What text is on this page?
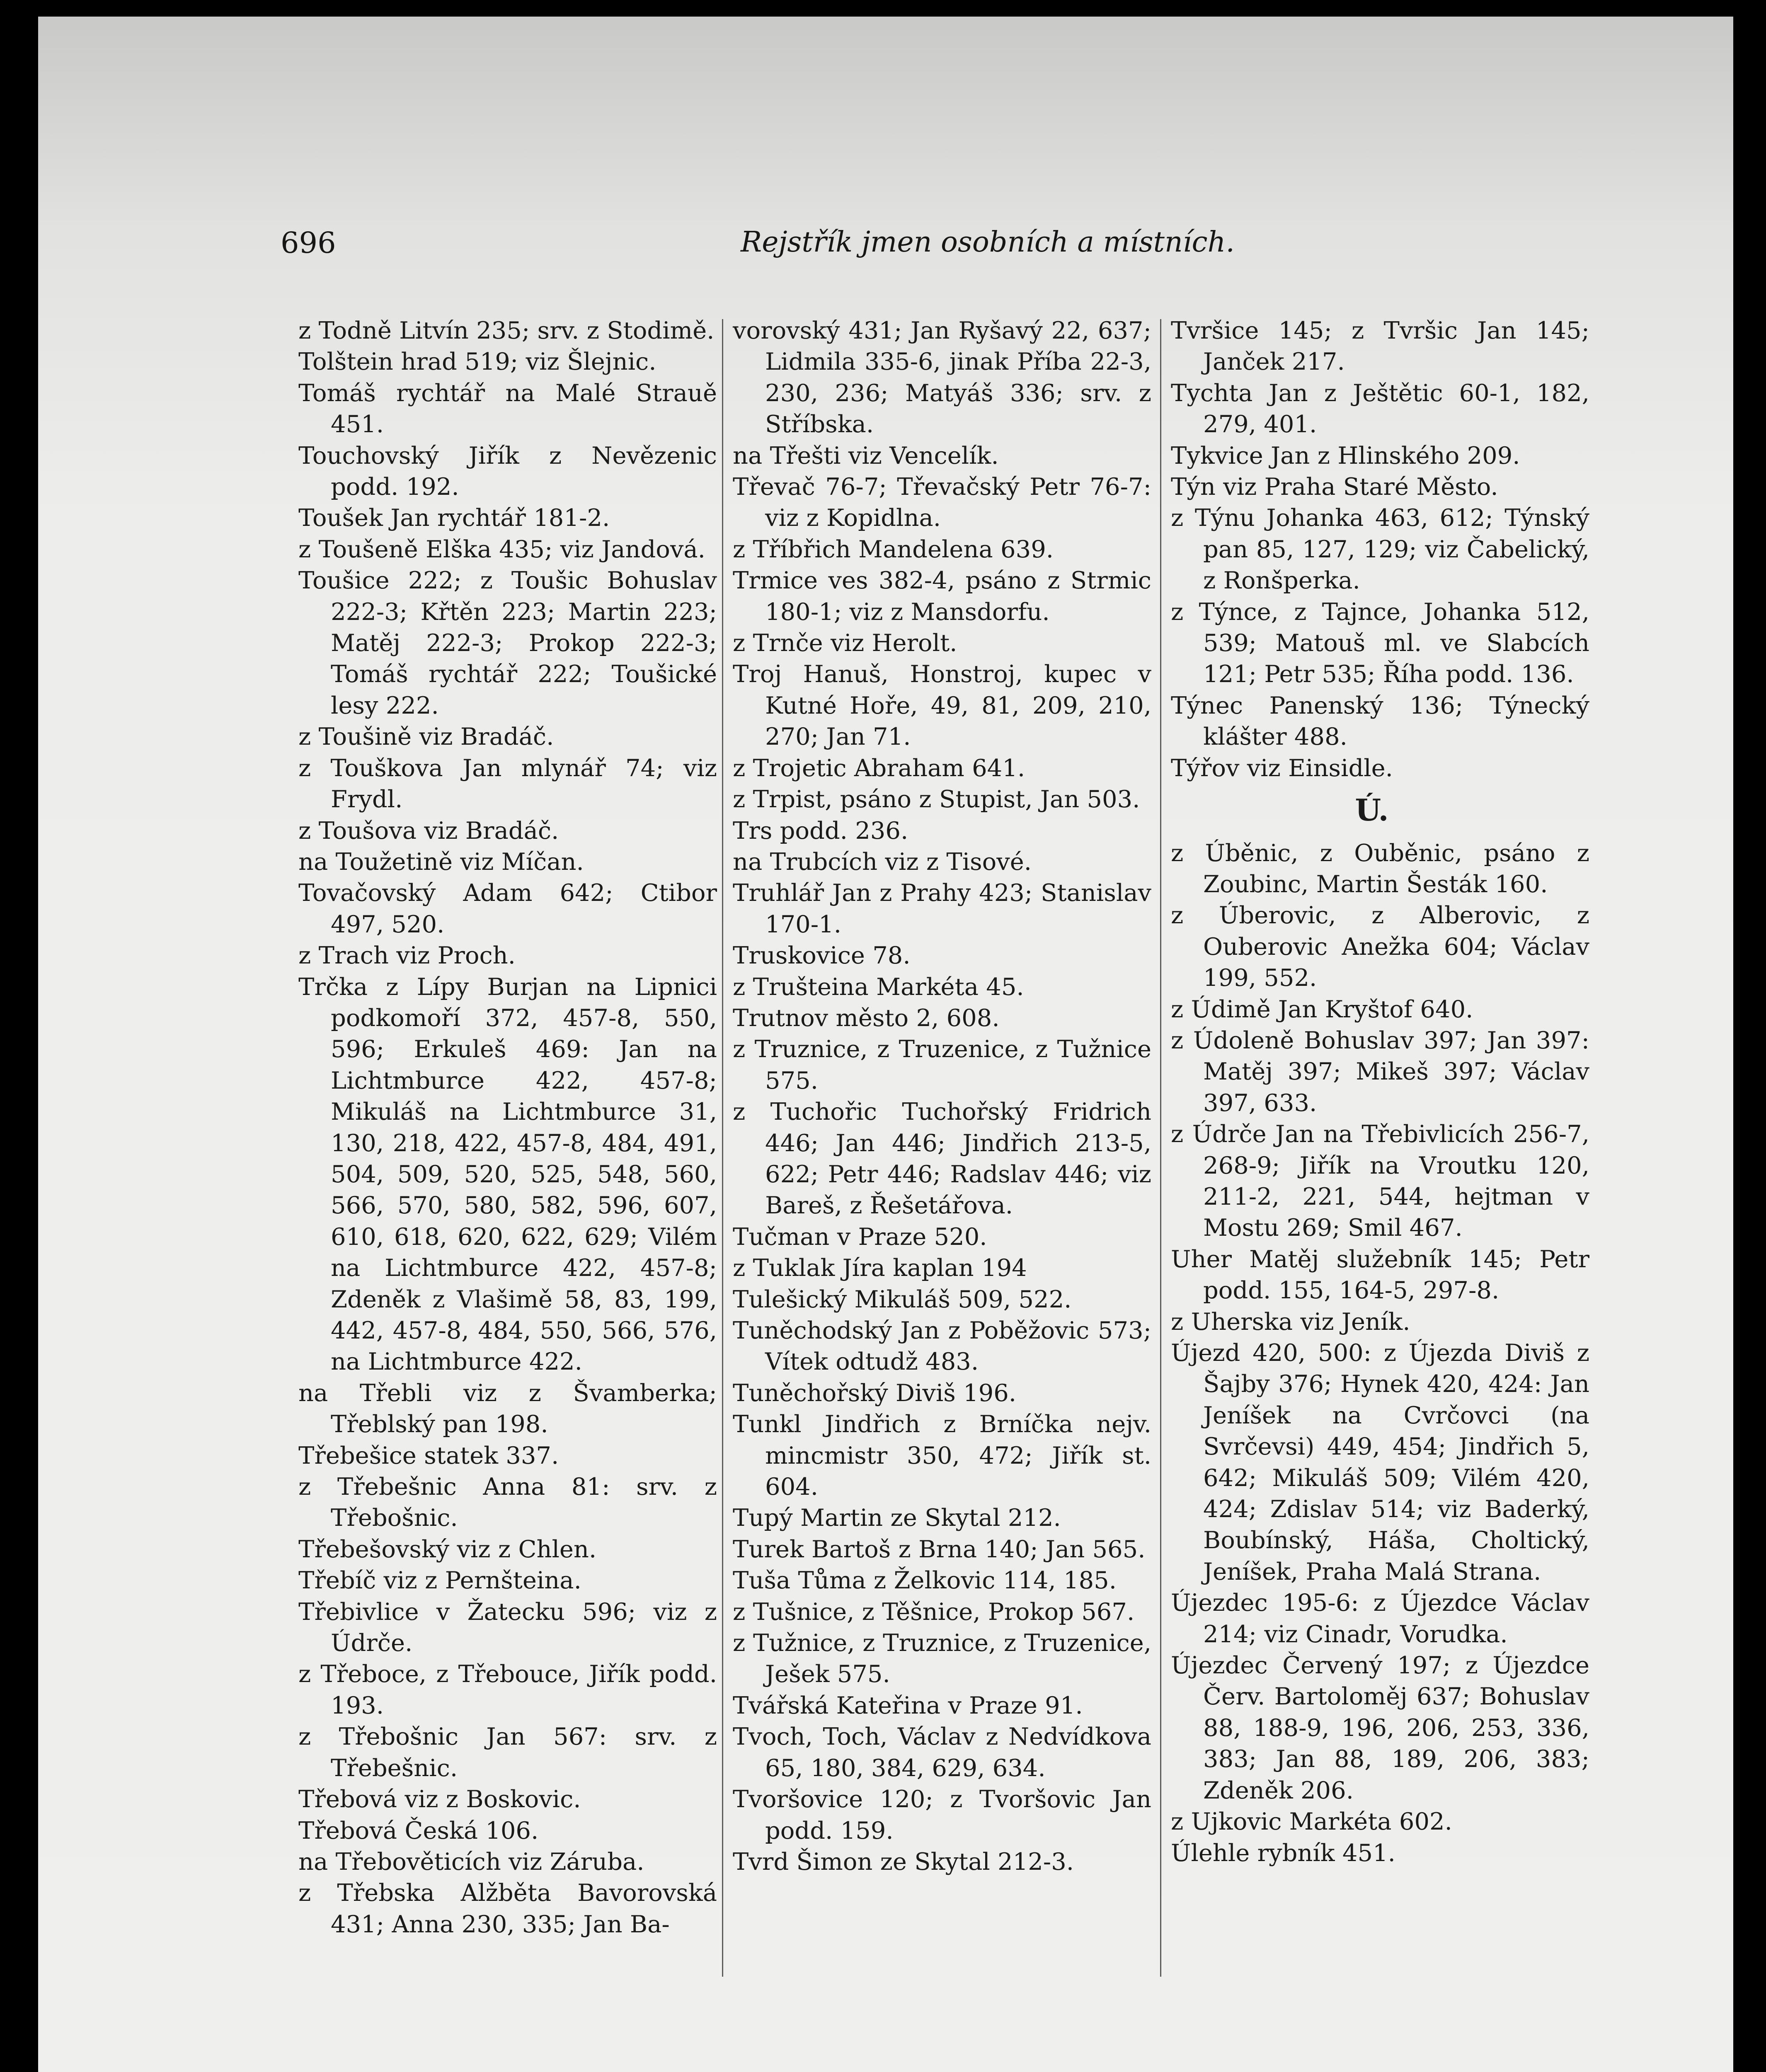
696	Rejstřík jmen osobních a místních.

z Todně Litvín 235; srv. z Stodimě.

Tolštein hrad 519; viz Šlejnic.

Tomáš rychtář na Malé Strauě 451.

Touchovský Jiřík z Nevězenic podd. 192.

Toušek Jan rychtář 181-2.

z Toušeně Elška 435; viz Jandová.

Toušice 222; z Toušic Bohuslav 222-3; Křtěn 223; Martin 223; Matěj 222-3; Prokop 222-3; Tomáš rychtář 222; Toušické lesy 222.

z Toušině viz Bradáč.

z Touškova Jan mlynář 74; viz Frydl.

z Toušova viz Bradáč.

na Toužetině viz Míčan.

Tovačovský Adam 642; Ctibor 497, 520.

z Trach viz Proch.

Trčka z Lípy Burjan na Lipnici podkomoří 372, 457-8, 550, 596; Erkuleš 469: Jan na Lichtmburce 422, 457-8; Mikuláš na Lichtmburce 31, 130, 218, 422, 457-8, 484, 491, 504, 509, 520, 525, 548, 560, 566, 570, 580, 582, 596, 607, 610, 618, 620, 622, 629; Vilém na Lichtmburce 422, 457-8; Zdeněk z Vlašimě 58, 83, 199, 442, 457-8, 484, 550, 566, 576, na Lichtmburce 422.

na Třebli viz z Švamberka; Třeblský pan 198.

Třebešice statek 337.

z Třebešnic Anna 81: srv. z Třebošnic.

Třebešovský viz z Chlen.

Třebíč viz z Pernšteina.

Třebivlice v Žatecku 596; viz z Údrče.

z Třeboce, z Třebouce, Jiřík podd. 193.

z Třebošnic Jan 567: srv. z Třebešnic.

Třebová viz z Boskovic.

Třebová Česká 106.

na Třebověticích viz Záruba.

z Třebska Alžběta Bavorovská 431; Anna 230, 335; Jan Ba-

vorovský 431; Jan Ryšavý 22, 637; Lidmila 335-6, jinak Příba 22-3, 230, 236; Matyáš 336; srv. z Stříbska.

na Třešti viz Vencelík.

Třevač 76-7; Třevačský Petr 76-7: viz z Kopidlna.

z Tříbřich Mandelena 639.

Trmice ves 382-4, psáno z Strmic 180-1; viz z Mansdorfu.

z Trnče viz Herolt.

Troj Hanuš, Honstroj, kupec v Kutné Hoře, 49, 81, 209, 210, 270; Jan 71.

z Trojetic Abraham 641.

z Trpist, psáno z Stupist, Jan 503.

Trs podd. 236.

na Trubcích viz z Tisové.

Truhlář Jan z Prahy 423; Stanislav 170-1.

Truskovice 78.

z Trušteina Markéta 45.

Trutnov město 2, 608.

z Truznice, z Truzenice, z Tužnice 575.

z Tuchořic Tuchořský Fridrich 446; Jan 446; Jindřich 213-5, 622; Petr 446; Radslav 446; viz Bareš, z Řešetářova.

Tučman v Praze 520.

z Tuklak Jíra kaplan 194

Tulešický Mikuláš 509, 522.

Tuněchodský Jan z Poběžovic 573; Vítek odtudž 483.

Tuněchořský Diviš 196.

Tunkl Jindřich z Brníčka nejv. mincmistr 350, 472; Jiřík st. 604.

Tupý Martin ze Skytal 212.

Turek Bartoš z Brna 140; Jan 565.

Tuša Tůma z Želkovic 114, 185.

z Tušnice, z Těšnice, Prokop 567.

z Tužnice, z Truznice, z Truzenice, Ješek 575.

Tvářská Kateřina v Praze 91.

Tvoch, Toch, Václav z Nedvídkova 65, 180, 384, 629, 634.

Tvoršovice 120; z Tvoršovic Jan podd. 159.

Tvrd Šimon ze Skytal 212-3.

Tvršice 145; z Tvršic Jan 145; Janček 217.

Tychta Jan z Ještětic 60-1, 182, 279, 401.

Tykvice Jan z Hlinského 209.

Týn viz Praha Staré Město.

z Týnu Johanka 463, 612; Týnský pan 85, 127, 129; viz Čabelický, z Ronšperka.

z Týnce, z Tajnce, Johanka 512, 539; Matouš ml. ve Slabcích 121; Petr 535; Říha podd. 136.

Týnec Panenský 136; Týnecký klášter 488.

Týřov viz Einsidle.

Ú.

z Úběnic, z Ouběnic, psáno z Zoubinc, Martin Šesták 160.

z Úberovic, z Alberovic, z Ouberovic Anežka 604; Václav 199, 552.

z Údimě Jan Kryštof 640.

z Údoleně Bohuslav 397; Jan 397: Matěj 397; Mikeš 397; Václav 397, 633.

z Údrče Jan na Třebivlicích 256-7, 268-9; Jiřík na Vroutku 120, 211-2, 221, 544, hejtman v Mostu 269; Smil 467.

Uher Matěj služebník 145; Petr podd. 155, 164-5, 297-8.

z Uherska viz Jeník.

Újezd 420, 500: z Újezda Diviš z Šajby 376; Hynek 420, 424: Jan Jeníšek na Cvrčovci (na Svrčevsi) 449, 454; Jindřich 5, 642; Mikuláš 509; Vilém 420, 424; Zdislav 514; viz Baderký, Boubínský, Háša, Choltický, Jeníšek, Praha Malá Strana.

Újezdec 195-6: z Újezdce Václav 214; viz Cinadr, Vorudka.

Újezdec Červený 197; z Újezdce Červ. Bartoloměj 637; Bohuslav 88, 188-9, 196, 206, 253, 336, 383; Jan 88, 189, 206, 383; Zdeněk 206.

z Ujkovic Markéta 602.

Úlehle rybník 451.
